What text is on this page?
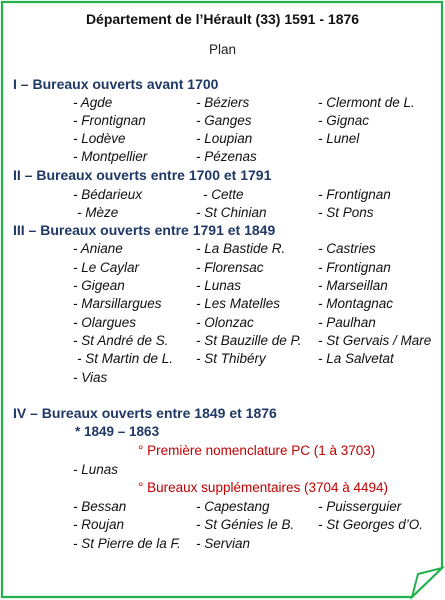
Département de l’Hérault (33) 1591 - 1876
Plan
I – Bureaux ouverts avant 1700
- Agde	- Béziers	- Clermont de L.
- Frontignan	- Ganges	- Gignac
- Lodève	- Loupian	- Lunel
- Montpellier	- Pézenas
II – Bureaux ouverts entre 1700 et 1791
- Bédarieux	- Cette	- Frontignan
- Mèze	- St Chinian	- St Pons
III – Bureaux ouverts entre 1791 et 1849
- Aniane	- La Bastide R. - Castries
- Le Caylar	- Florensac	- Frontignan
- Gigean	- Lunas	- Marseillan
- Marsillargues	- Les Matelles	- Montagnac
- Olargues	- Olonzac	- Paulhan
- St André de S. - St Bauzille de P. - St Gervais / Mare
- St Martin de L. - St Thibéry	- La Salvetat
- Vias
IV – Bureaux ouverts entre 1849 et 1876
* 1849 – 1863
° Première nomenclature PC (1 à 3703)
- Lunas
° Bureaux supplémentaires (3704 à 4494)
- Bessan	- Capestang	- Puisserguier
- Roujan	- St Génies le B. - St Georges d’O.
- St Pierre de la F. - Servian
